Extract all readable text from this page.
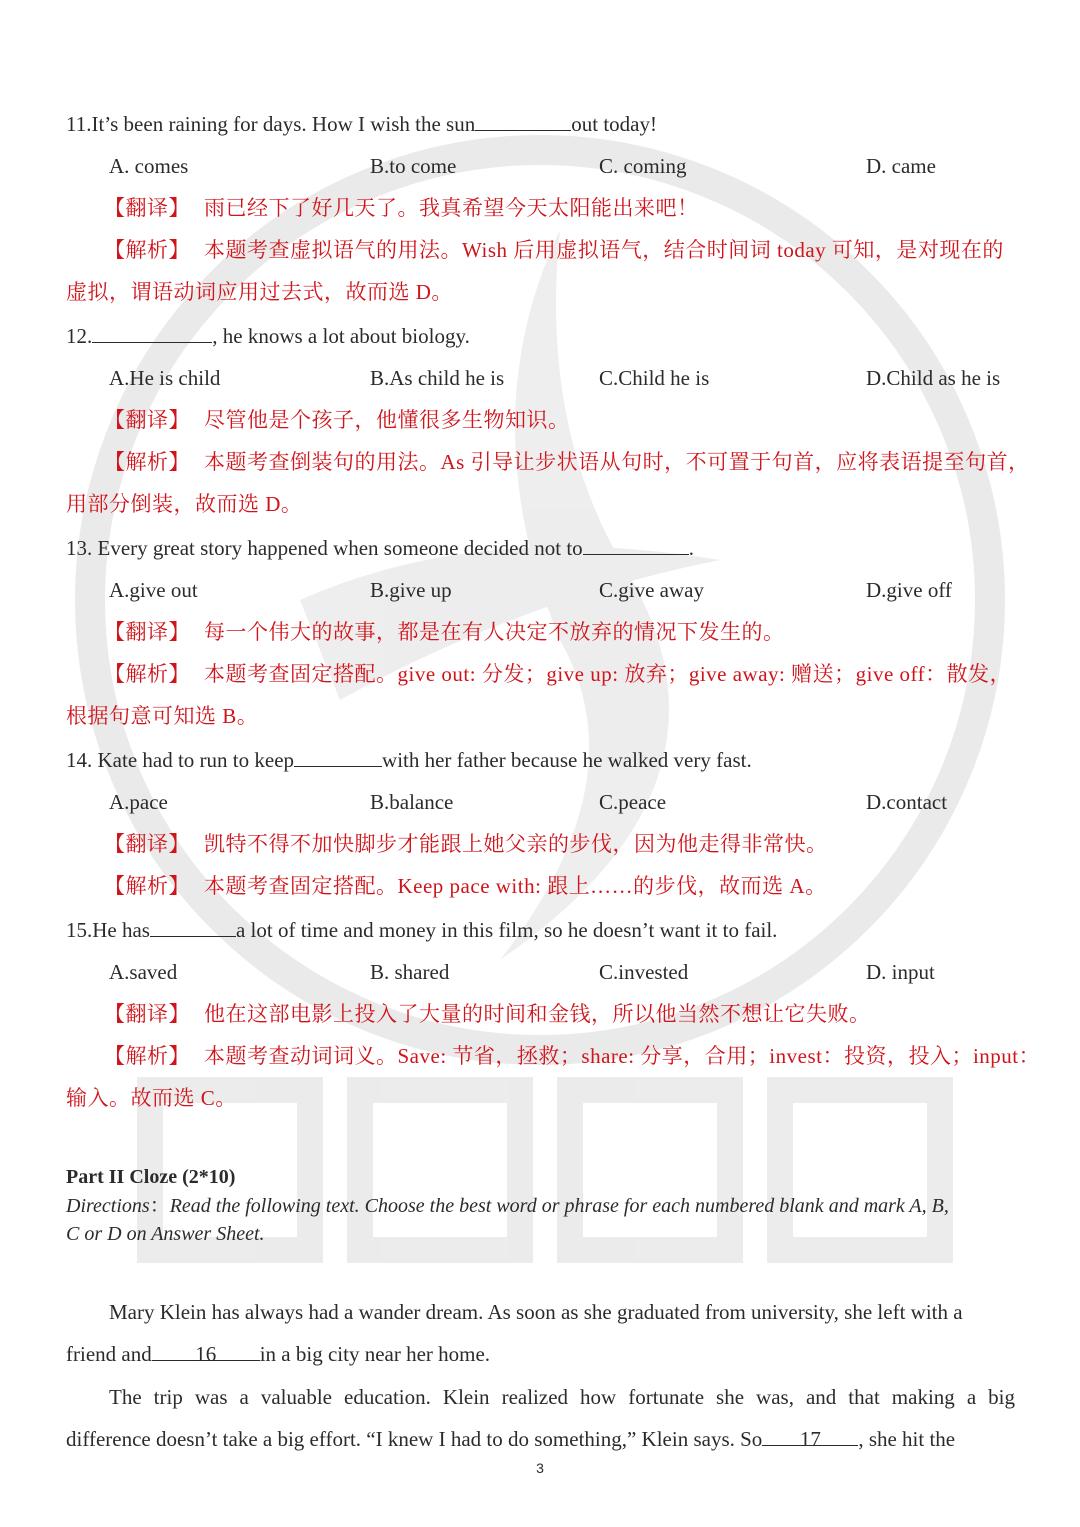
11.It’s been raining for days. How I wish the sun	out today!
A. comes	B.to come	C. coming	D. came
【翻译】 雨已经下了好几天了。我真希望今天太阳能出来吧！
【解析】 本题考查虚拟语气的用法。Wish 后用虚拟语气，结合时间词 today 可知，是对现在的
虚拟，谓语动词应用过去式，故而选 D。
12.	, he knows a lot about biology.
A.He is child	B.As child he is	C.Child he is	D.Child as he is
【翻译】 尽管他是个孩子，他懂很多生物知识。
【解析】 本题考查倒装句的用法。As 引导让步状语从句时，不可置于句首，应将表语提至句首，
用部分倒装，故而选 D。
13. Every great story happened when someone decided not to	.
A.give out	B.give up	C.give away	D.give off
【翻译】 每一个伟大的故事，都是在有人决定不放弃的情况下发生的。
【解析】 本题考查固定搭配。give out: 分发；give up: 放弃；give away: 赠送；give off：散发，
根据句意可知选 B。
14. Kate had to run to keep	with her father because he walked very fast.
A.pace	B.balance	C.peace	D.contact
【翻译】 凯特不得不加快脚步才能跟上她父亲的步伐，因为他走得非常快。
【解析】 本题考查固定搭配。Keep pace with: 跟上……的步伐，故而选 A。
15.He has	a lot of time and money in this film, so he doesn’t want it to fail.
A.saved	B. shared	C.invested	D. input
【翻译】 他在这部电影上投入了大量的时间和金钱，所以他当然不想让它失败。
【解析】 本题考查动词词义。Save: 节省，拯救；share: 分享，合用；invest：投资，投入；input：
输入。故而选 C。
Part II Cloze (2*10)
Directions：Read the following text. Choose the best word or phrase for each numbered blank and mark A, B,
C or D on Answer Sheet.
Mary Klein has always had a wander dream. As soon as she graduated from university, she left with a
friend and 16 in a big city near her home.
The trip was a valuable education. Klein realized how fortunate she was, and that making a big
difference doesn’t take a big effort. “I knew I had to do something,” Klein says. So 17 , she hit the
3
